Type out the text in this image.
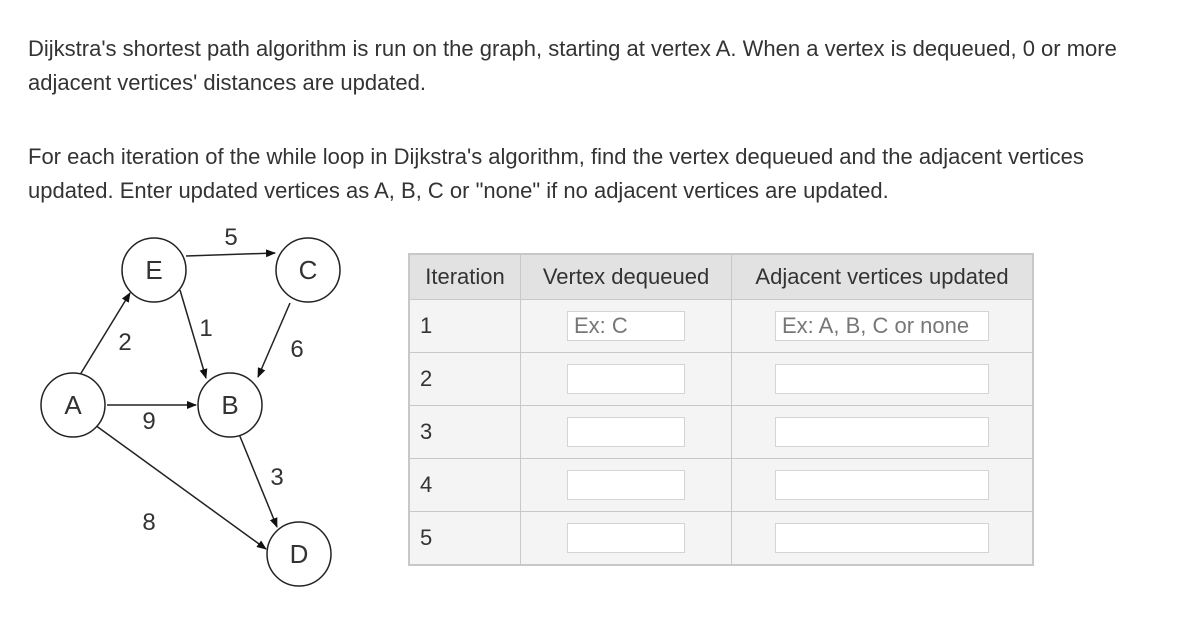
Dijkstra's shortest path algorithm is run on the graph, starting at vertex A. When a vertex is dequeued, 0 or more adjacent vertices' distances are updated.

For each iteration of the while loop in Dijkstra's algorithm, find the vertex dequeued and the adjacent vertices updated. Enter updated vertices as A, B, C or "none" if no adjacent vertices are updated.

2
9
8
5
1
6
3
E	C
A	B
D
Iteration	Vertex dequeued	Adjacent vertices updated
1	Ex: C	Ex: A, B, C or none
2		
3		
4		
5		
